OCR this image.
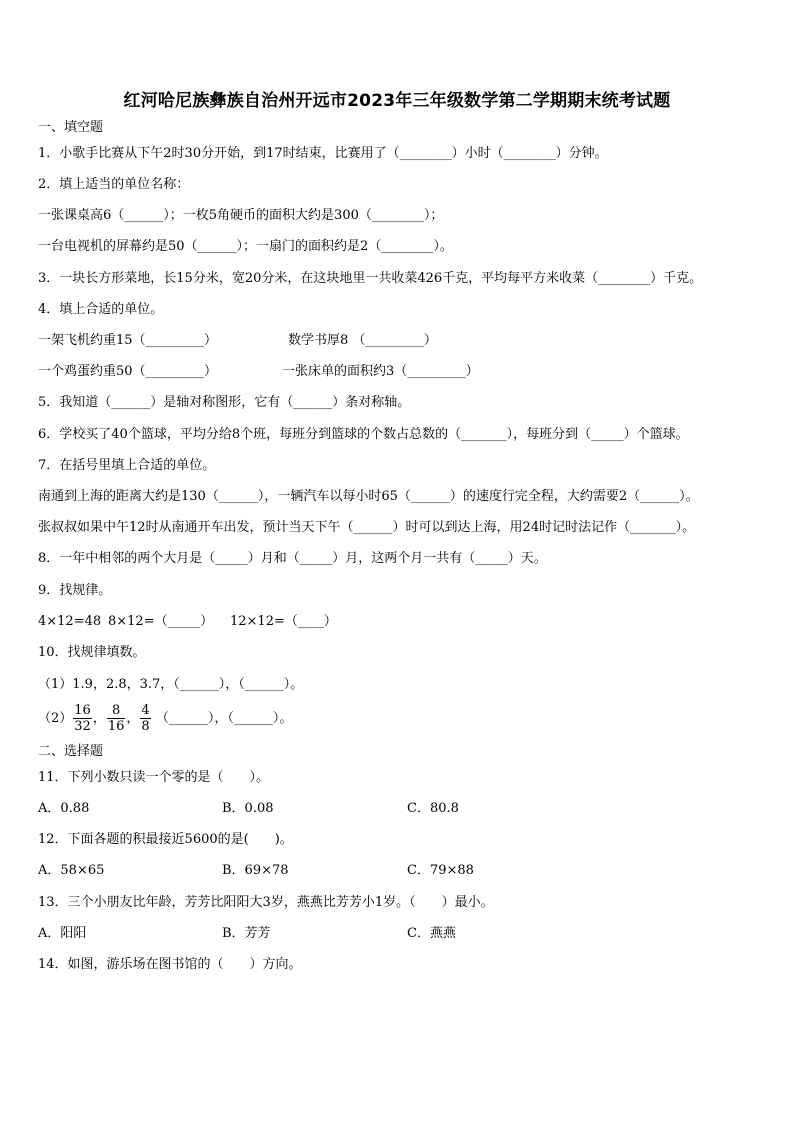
红河哈尼族彝族自治州开远市2023年三年级数学第二学期期末统考试题
一、填空题
1．小歌手比赛从下午2时30分开始，到17时结束，比赛用了（________）小时（________）分钟。
2．填上适当的单位名称：
一张课桌高6（______）；一枚5角硬币的面积大约是300（________）；
一台电视机的屏幕约是50（______）；一扇门的面积约是2（________）。
3．一块长方形菜地，长15分米，宽20分米，在这块地里一共收菜426千克，平均每平方米收菜（________）千克。
4．填上合适的单位。
一架飞机约重15（_________）	数学书厚8 （_________）
一个鸡蛋约重50（_________）	一张床单的面积约3（_________）
5．我知道（______）是轴对称图形，它有（______）条对称轴。
6．学校买了40个篮球，平均分给8个班，每班分到篮球的个数占总数的（_______），每班分到（_____）个篮球。
7．在括号里填上合适的单位。
南通到上海的距离大约是130（______），一辆汽车以每小时65（______）的速度行完全程，大约需要2（______）。
张叔叔如果中午12时从南通开车出发，预计当天下午（______）时可以到达上海，用24时记时法记作（_______）。
8．一年中相邻的两个大月是（_____）月和（_____）月，这两个月一共有（_____）天。
9．找规律。
4×12=48 8×12=（_____） 12×12=（____）
10．找规律填数。
（1）1.9，2.8，3.7，（______），（______）。
$(2) \frac{16}{32}$ ， $\frac{8}{16}$ ， $\frac{4}{8}$ （______），（______）。
二、选择题
11．下列小数只读一个零的是（　　）。
A．0.88	B．0.08	C．80.8
12．下面各题的积最接近5600的是(　　)。
A．58×65	B．69×78	C．79×88
13．三个小朋友比年龄，芳芳比阳阳大3岁，燕燕比芳芳小1岁。（　　）最小。
A．阳阳	B．芳芳	C．燕燕
14．如图，游乐场在图书馆的（　　）方向。
